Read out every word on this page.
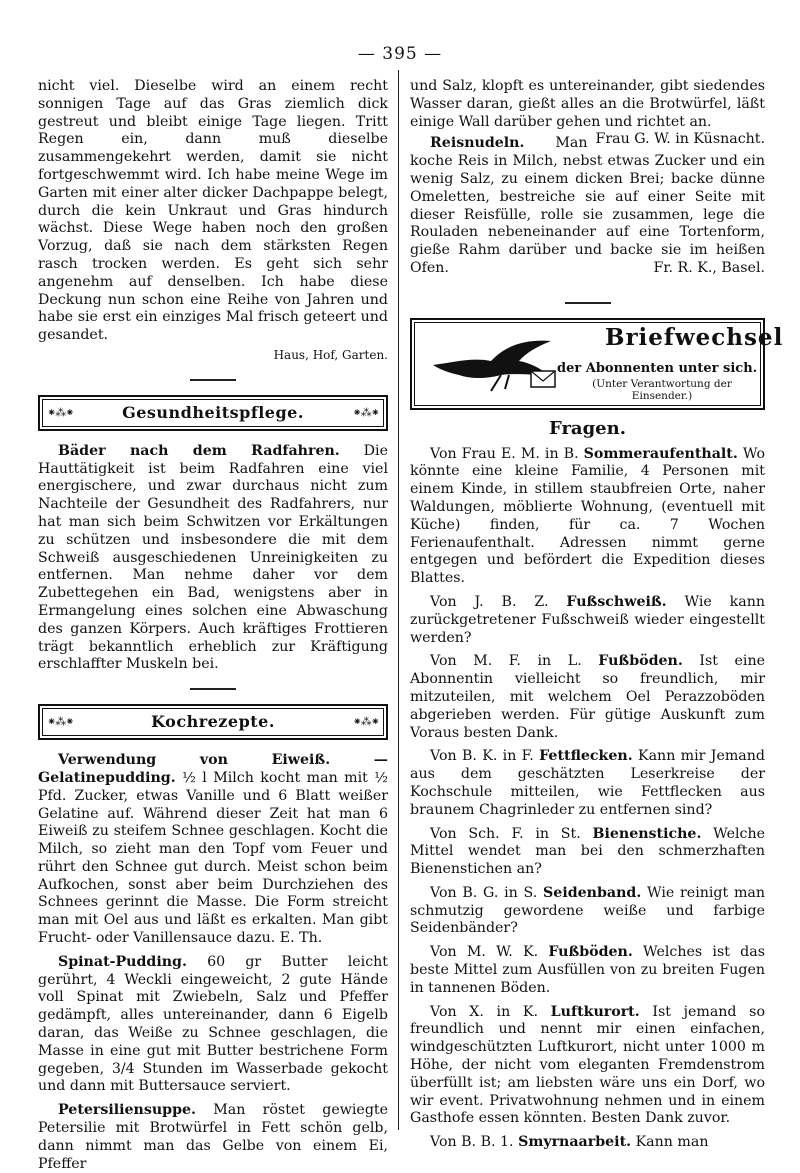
— 395 —

nicht viel. Dieselbe wird an einem recht sonnigen Tage auf das Gras ziemlich dick gestreut und bleibt einige Tage liegen. Tritt Regen ein, dann muß dieselbe zusammengekehrt werden, damit sie nicht fortgeschwemmt wird. Ich habe meine Wege im Garten mit einer alter dicker Dachpappe belegt, durch die kein Unkraut und Gras hindurch wächst. Diese Wege haben noch den großen Vorzug, daß sie nach dem stärksten Regen rasch trocken werden. Es geht sich sehr angenehm auf denselben. Ich habe diese Deckung nun schon eine Reihe von Jahren und habe sie erst ein einziges Mal frisch geteert und gesandet.

Haus, Hof, Garten.

⁕⁂⁕	Gesundheitspflege.	⁕⁂⁕

Bäder nach dem Radfahren. Die Hauttätigkeit ist beim Radfahren eine viel energischere, und zwar durchaus nicht zum Nachteile der Gesundheit des Radfahrers, nur hat man sich beim Schwitzen vor Erkältungen zu schützen und insbesondere die mit dem Schweiß ausgeschiedenen Unreinigkeiten zu entfernen. Man nehme daher vor dem Zubettegehen ein Bad, wenigstens aber in Ermangelung eines solchen eine Abwaschung des ganzen Körpers. Auch kräftiges Frottieren trägt bekanntlich erheblich zur Kräftigung erschlaffter Muskeln bei.

⁕⁂⁕	Kochrezepte.	⁕⁂⁕

Verwendung von Eiweiß. — Gelatinepudding. ½ l Milch kocht man mit ½ Pfd. Zucker, etwas Vanille und 6 Blatt weißer Gelatine auf. Während dieser Zeit hat man 6 Eiweiß zu steifem Schnee geschlagen. Kocht die Milch, so zieht man den Topf vom Feuer und rührt den Schnee gut durch. Meist schon beim Aufkochen, sonst aber beim Durchziehen des Schnees gerinnt die Masse. Die Form streicht man mit Oel aus und läßt es erkalten. Man gibt Frucht- oder Vanillensauce dazu. E. Th.

Spinat-Pudding. 60 gr Butter leicht gerührt, 4 Weckli eingeweicht, 2 gute Hände voll Spinat mit Zwiebeln, Salz und Pfeffer gedämpft, alles untereinander, dann 6 Eigelb daran, das Weiße zu Schnee geschlagen, die Masse in eine gut mit Butter bestrichene Form gegeben, 3/4 Stunden im Wasserbade gekocht und dann mit Buttersauce serviert.

Petersiliensuppe. Man röstet gewiegte Petersilie mit Brotwürfel in Fett schön gelb, dann nimmt man das Gelbe von einem Ei, Pfeffer

und Salz, klopft es untereinander, gibt siedendes Wasser daran, gießt alles an die Brotwürfel, läßt einige Wall darüber gehen und richtet an.
Frau G. W. in Küsnacht.

Reisnudeln. Man koche Reis in Milch, nebst etwas Zucker und ein wenig Salz, zu einem dicken Brei; backe dünne Omeletten, bestreiche sie auf einer Seite mit dieser Reisfülle, rolle sie zusammen, lege die Rouladen nebeneinander auf eine Tortenform, gieße Rahm darüber und backe sie im heißen Ofen.	Fr. R. K., Basel.

Briefwechsel
der Abonnenten unter sich.
(Unter Verantwortung der Einsender.)
Fragen.

Von Frau E. M. in B. Sommeraufenthalt. Wo könnte eine kleine Familie, 4 Personen mit einem Kinde, in stillem staubfreien Orte, naher Waldungen, möblierte Wohnung, (eventuell mit Küche) finden, für ca. 7 Wochen Ferienaufenthalt. Adressen nimmt gerne entgegen und befördert die Expedition dieses Blattes.

Von J. B. Z. Fußschweiß. Wie kann zurückgetretener Fußschweiß wieder eingestellt werden?

Von M. F. in L. Fußböden. Ist eine Abonnentin vielleicht so freundlich, mir mitzuteilen, mit welchem Oel Perazzoböden abgerieben werden. Für gütige Auskunft zum Voraus besten Dank.

Von B. K. in F. Fettflecken. Kann mir Jemand aus dem geschätzten Leserkreise der Kochschule mitteilen, wie Fettflecken aus braunem Chagrinleder zu entfernen sind?

Von Sch. F. in St. Bienenstiche. Welche Mittel wendet man bei den schmerzhaften Bienenstichen an?

Von B. G. in S. Seidenband. Wie reinigt man schmutzig gewordene weiße und farbige Seidenbänder?

Von M. W. K. Fußböden. Welches ist das beste Mittel zum Ausfüllen von zu breiten Fugen in tannenen Böden.

Von X. in K. Luftkurort. Ist jemand so freundlich und nennt mir einen einfachen, windgeschützten Luftkurort, nicht unter 1000 m Höhe, der nicht vom eleganten Fremdenstrom überfüllt ist; am liebsten wäre uns ein Dorf, wo wir event. Privatwohnung nehmen und in einem Gasthofe essen könnten. Besten Dank zuvor.

Von B. B. 1. Smyrnaarbeit. Kann man
